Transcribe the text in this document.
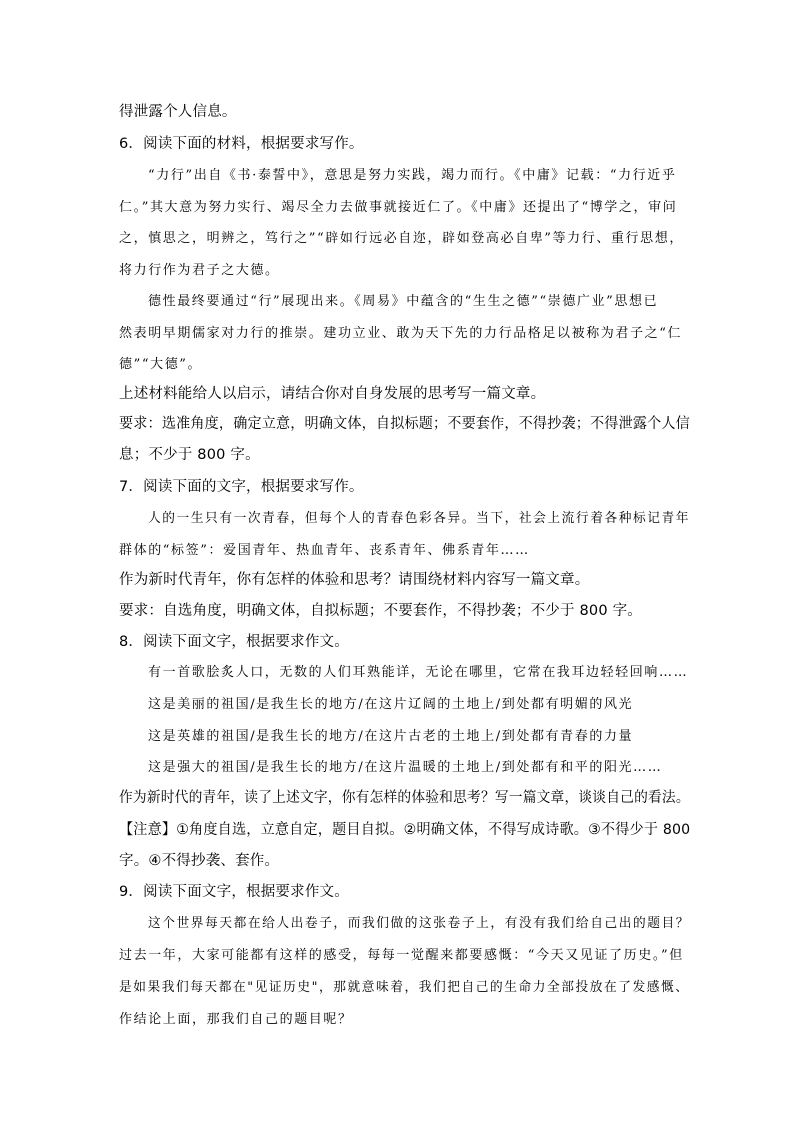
得泄露个人信息。
6．阅读下面的材料，根据要求写作。
“力行”出自《书·泰誓中》，意思是努力实践，竭力而行。《中庸》记载：“力行近乎
仁。”其大意为努力实行、竭尽全力去做事就接近仁了。《中庸》还提出了“博学之，审问
之，慎思之，明辨之，笃行之”“辟如行远必自迩，辟如登高必自卑”等力行、重行思想，
将力行作为君子之大德。
德性最终要通过“行”展现出来。《周易》中蕴含的“生生之德”“崇德广业”思想已
然表明早期儒家对力行的推崇。建功立业、敢为天下先的力行品格足以被称为君子之“仁
德”“大德”。
上述材料能给人以启示，请结合你对自身发展的思考写一篇文章。
要求：选准角度，确定立意，明确文体，自拟标题；不要套作，不得抄袭；不得泄露个人信
息；不少于 800 字。
7．阅读下面的文字，根据要求写作。
人的一生只有一次青春，但每个人的青春色彩各异。当下，社会上流行着各种标记青年
群体的“标签”：爱国青年、热血青年、丧系青年、佛系青年……
作为新时代青年，你有怎样的体验和思考？请围绕材料内容写一篇文章。
要求：自选角度，明确文体，自拟标题；不要套作，不得抄袭；不少于 800 字。
8．阅读下面文字，根据要求作文。
有一首歌脍炙人口，无数的人们耳熟能详，无论在哪里，它常在我耳边轻轻回响……
这是美丽的祖国/是我生长的地方/在这片辽阔的土地上/到处都有明媚的风光
这是英雄的祖国/是我生长的地方/在这片古老的土地上/到处都有青春的力量
这是强大的祖国/是我生长的地方/在这片温暖的土地上/到处都有和平的阳光……
作为新时代的青年，读了上述文字，你有怎样的体验和思考？写一篇文章，谈谈自己的看法。
【注意】①角度自选，立意自定，题目自拟。②明确文体，不得写成诗歌。③不得少于 800
字。④不得抄袭、套作。
9．阅读下面文字，根据要求作文。
这个世界每天都在给人出卷子，而我们做的这张卷子上，有没有我们给自己出的题目？
过去一年，大家可能都有这样的感受，每每一觉醒来都要感慨：“今天又见证了历史。”但
是如果我们每天都在"见证历史"，那就意味着，我们把自己的生命力全部投放在了发感慨、
作结论上面，那我们自己的题目呢？
